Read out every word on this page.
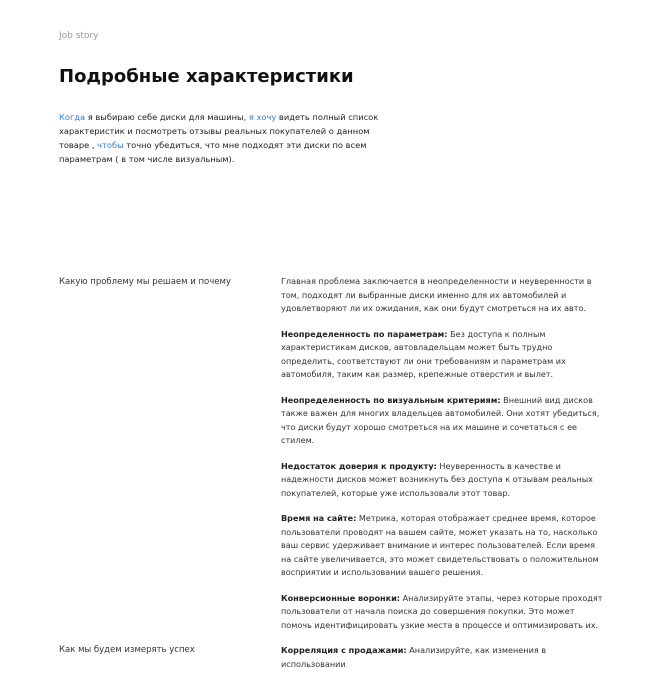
Job story
Подробные характеристики
Когда я выбираю себе диски для машины, я хочу видеть полный список характеристик и посмотреть отзывы реальных покупателей о данном товаре , чтобы точно убедиться, что мне подходят эти диски по всем параметрам ( в том числе визуальным).
Какую проблему мы решаем и почему
Как мы будем измерять успех

Главная проблема заключается в неопределенности и неуверенности в том, подходят ли выбранные диски именно для их автомобилей и удовлетворяют ли их ожидания, как они будут смотреться на их авто.

Неопределенность по параметрам: Без доступа к полным характеристикам дисков, автовладельцам может быть трудно определить, соответствуют ли они требованиям и параметрам их автомобиля, таким как размер, крепежные отверстия и вылет.

Неопределенность по визуальным критериям: Внешний вид дисков также важен для многих владельцев автомобилей. Они хотят убедиться, что диски будут хорошо смотреться на их машине и сочетаться с ее стилем.

Недостаток доверия к продукту: Неуверенность в качестве и надежности дисков может возникнуть без доступа к отзывам реальных покупателей, которые уже использовали этот товар.

Время на сайте: Метрика, которая отображает среднее время, которое пользователи проводят на вашем сайте, может указать на то, насколько ваш сервис удерживает внимание и интерес пользователей. Если время на сайте увеличивается, это может свидетельствовать о положительном восприятии и использовании вашего решения.

Конверсионные воронки: Анализируйте этапы, через которые проходят пользователи от начала поиска до совершения покупки. Это может помочь идентифицировать узкие места в процессе и оптимизировать их.

Корреляция с продажами: Анализируйте, как изменения в использовании
